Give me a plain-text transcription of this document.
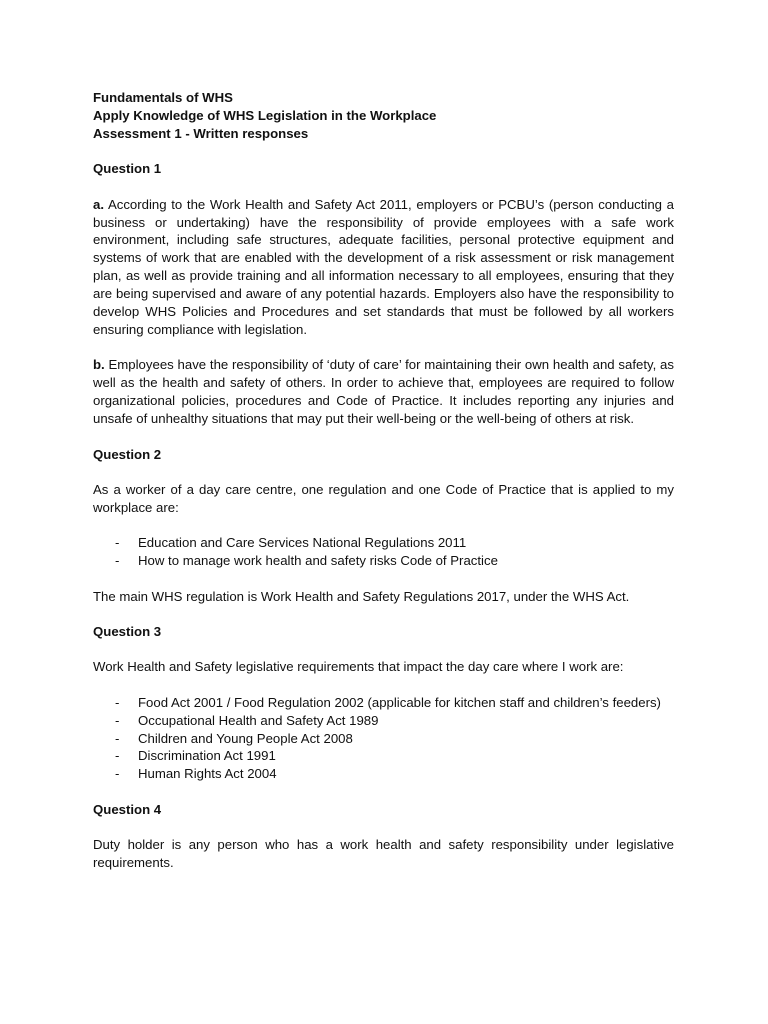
Fundamentals of WHS
Apply Knowledge of WHS Legislation in the Workplace
Assessment 1 - Written responses
Question 1

a. According to the Work Health and Safety Act 2011, employers or PCBU’s (person conducting a business or undertaking) have the responsibility of provide employees with a safe work environment, including safe structures, adequate facilities, personal protective equipment and systems of work that are enabled with the development of a risk assessment or risk management plan, as well as provide training and all information necessary to all employees, ensuring that they are being supervised and aware of any potential hazards. Employers also have the responsibility to develop WHS Policies and Procedures and set standards that must be followed by all workers ensuring compliance with legislation.

b. Employees have the responsibility of ‘duty of care’ for maintaining their own health and safety, as well as the health and safety of others. In order to achieve that, employees are required to follow organizational policies, procedures and Code of Practice. It includes reporting any injuries and unsafe of unhealthy situations that may put their well-being or the well-being of others at risk.

Question 2

As a worker of a day care centre, one regulation and one Code of Practice that is applied to my workplace are:

- Education and Care Services National Regulations 2011
- How to manage work health and safety risks Code of Practice

The main WHS regulation is Work Health and Safety Regulations 2017, under the WHS Act.

Question 3

Work Health and Safety legislative requirements that impact the day care where I work are:

- Food Act 2001 / Food Regulation 2002 (applicable for kitchen staff and children’s feeders)
- Occupational Health and Safety Act 1989
- Children and Young People Act 2008
- Discrimination Act 1991
- Human Rights Act 2004
Question 4

Duty holder is any person who has a work health and safety responsibility under legislative requirements.
